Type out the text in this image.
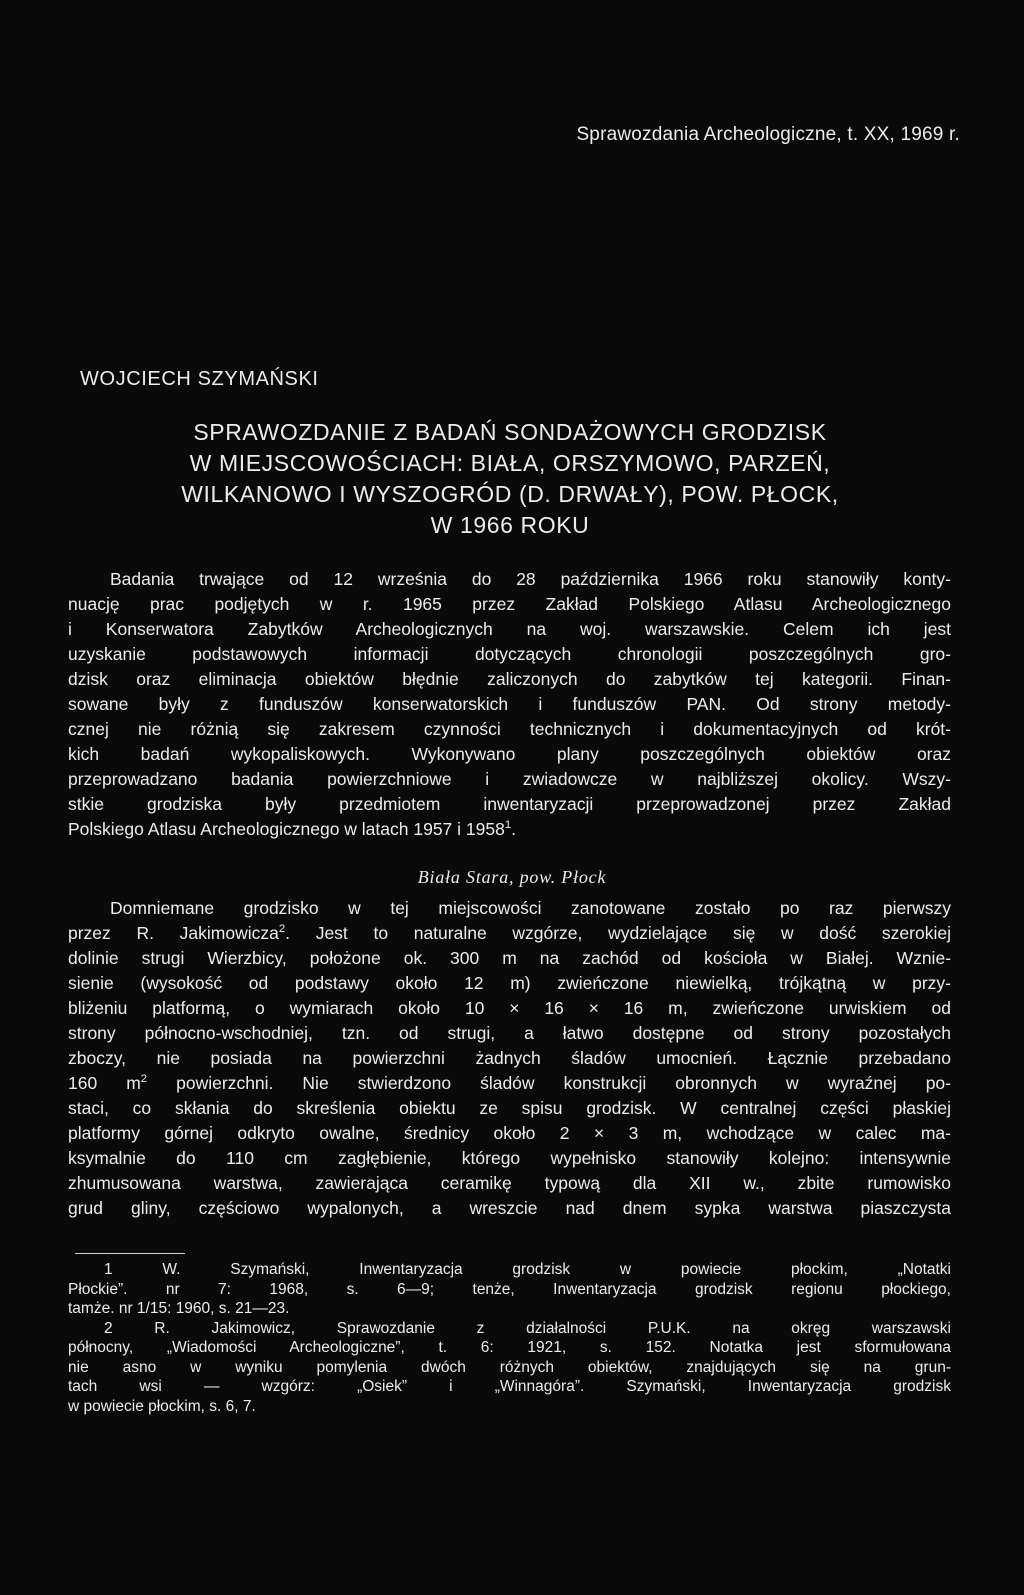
Sprawozdania Archeologiczne, t. XX, 1969 r.
WOJCIECH SZYMAŃSKI
SPRAWOZDANIE Z BADAŃ SONDAŻOWYCH GRODZISK
W MIEJSCOWOŚCIACH: BIAŁA, ORSZYMOWO, PARZEŃ,
WILKANOWO I WYSZOGRÓD (D. DRWAŁY), POW. PŁOCK,
W 1966 ROKU
Badania trwające od 12 września do 28 października 1966 roku stanowiły konty-
nuację prac podjętych w r. 1965 przez Zakład Polskiego Atlasu Archeologicznego
i Konserwatora Zabytków Archeologicznych na woj. warszawskie. Celem ich jest
uzyskanie podstawowych informacji dotyczących chronologii poszczególnych gro-
dzisk oraz eliminacja obiektów błędnie zaliczonych do zabytków tej kategorii. Finan-
sowane były z funduszów konserwatorskich i funduszów PAN. Od strony metody-
cznej nie różnią się zakresem czynności technicznych i dokumentacyjnych od krót-
kich badań wykopaliskowych. Wykonywano plany poszczególnych obiektów oraz
przeprowadzano badania powierzchniowe i zwiadowcze w najbliższej okolicy. Wszy-
stkie grodziska były przedmiotem inwentaryzacji przeprowadzonej przez Zakład
Polskiego Atlasu Archeologicznego w latach 1957 i 1958$^1$.
Biała Stara, pow. Płock
Domniemane grodzisko w tej miejscowości zanotowane zostało po raz pierwszy
przez R. Jakimowicza$^2$. Jest to naturalne wzgórze, wydzielające się w dość szerokiej
dolinie strugi Wierzbicy, położone ok. 300 m na zachód od kościoła w Białej. Wznie-
sienie (wysokość od podstawy około 12 m) zwieńczone niewielką, trójkątną w przy-
bliżeniu platformą, o wymiarach około 10 × 16 × 16 m, zwieńczone urwiskiem od
strony północno-wschodniej, tzn. od strugi, a łatwo dostępne od strony pozostałych
zboczy, nie posiada na powierzchni żadnych śladów umocnień. Łącznie przebadano
160 $m^2$ powierzchni. Nie stwierdzono śladów konstrukcji obronnych w wyraźnej po-
staci, co skłania do skreślenia obiektu ze spisu grodzisk. W centralnej części płaskiej
platformy górnej odkryto owalne, średnicy około 2 × 3 m, wchodzące w calec ma-
ksymalnie do 110 cm zagłębienie, którego wypełnisko stanowiły kolejno: intensywnie
zhumusowana warstwa, zawierająca ceramikę typową dla XII w., zbite rumowisko
grud gliny, częściowo wypalonych, a wreszcie nad dnem sypka warstwa piaszczysta
1 W. Szymański, Inwentaryzacja grodzisk w powiecie płockim, „Notatki
Płockie”. nr 7: 1968, s. 6—9; tenże, Inwentaryzacja grodzisk regionu płockiego,
tamże. nr 1/15: 1960, s. 21—23.
2 R. Jakimowicz, Sprawozdanie z działalności P.U.K. na okręg warszawski
północny, „Wiadomości Archeologiczne”, t. 6: 1921, s. 152. Notatka jest sformułowana
nie asno w wyniku pomylenia dwóch różnych obiektów, znajdujących się na grun-
tach wsi — wzgórz: „Osiek” i „Winnagóra”. Szymański, Inwentaryzacja grodzisk
w powiecie płockim, s. 6, 7.
